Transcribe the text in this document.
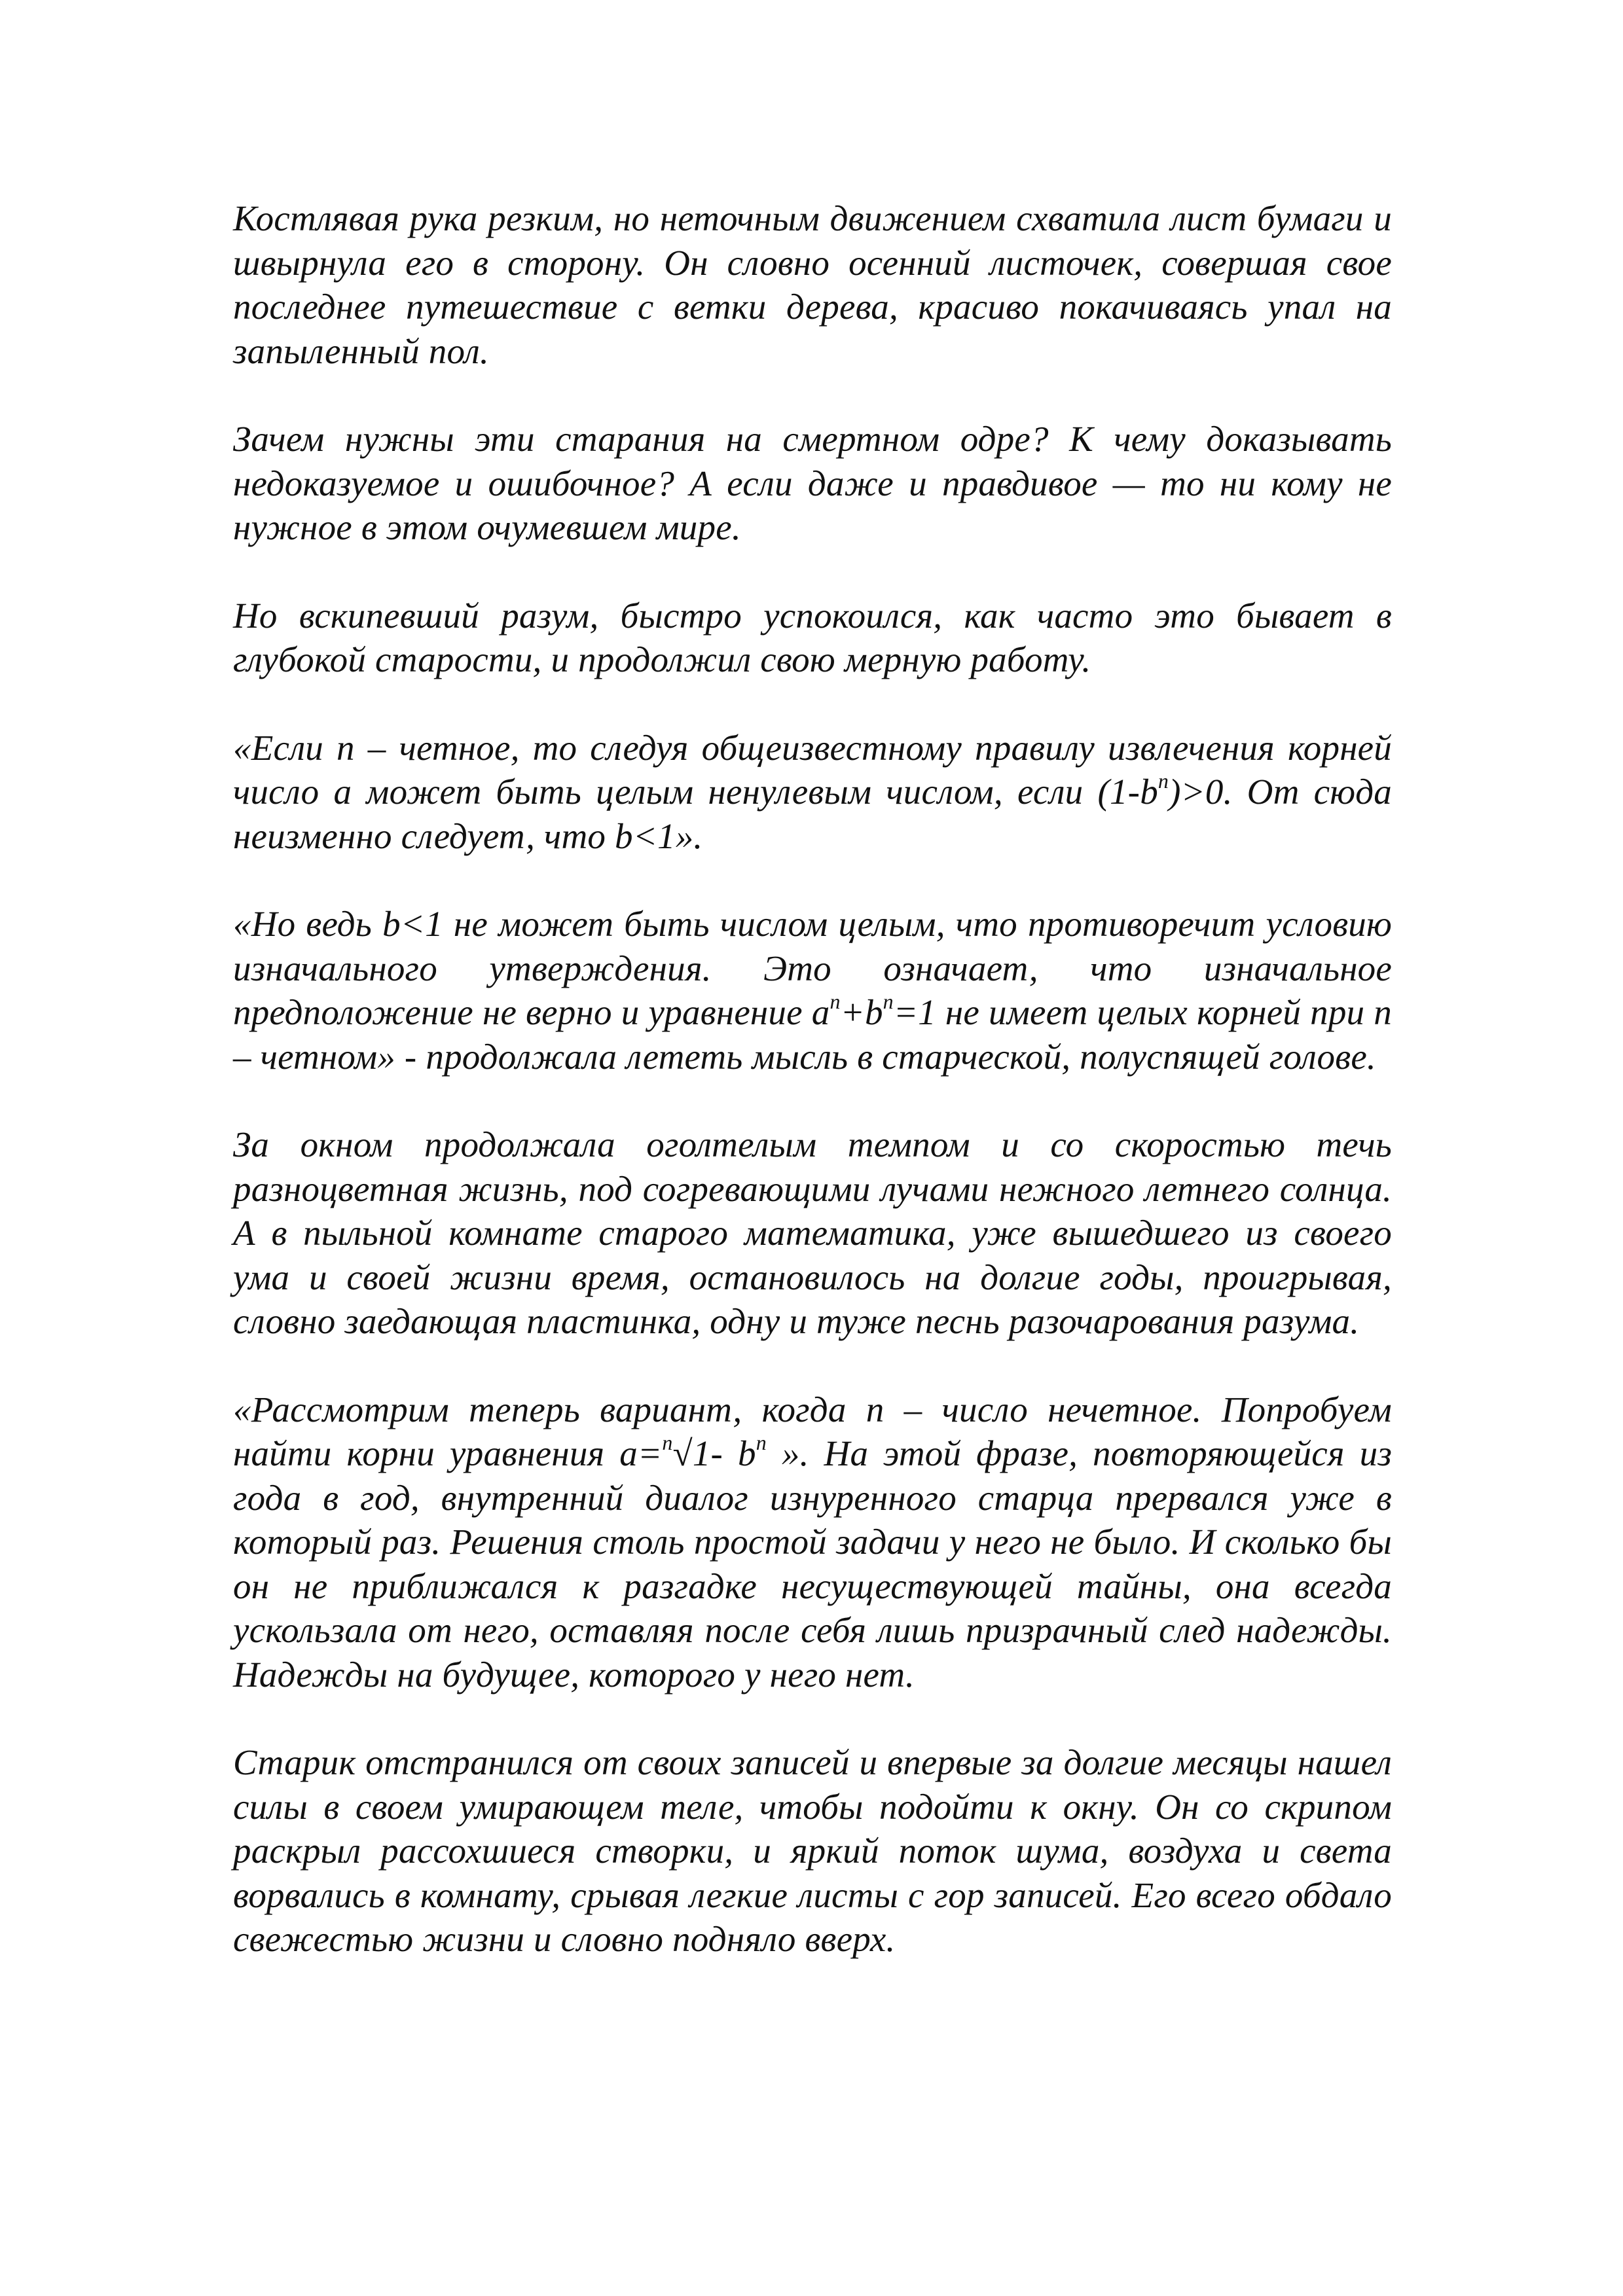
Костлявая рука резким, но неточным движением схватила лист бумаги и швырнула его в сторону. Он словно осенний листочек, совершая свое последнее путешествие с ветки дерева, красиво покачиваясь упал на запыленный пол.

Зачем нужны эти старания на смертном одре? К чему доказывать недоказуемое и ошибочное? А если даже и правдивое — то ни кому не нужное в этом очумевшем мире.

Но вскипевший разум, быстро успокоился, как часто это бывает в глубокой старости, и продолжил свою мерную работу.

«Если n – четное, то следуя общеизвестному правилу извлечения корней число a может быть целым ненулевым числом, если $(1-b^n)>0$. От сюда неизменно следует, что b<1».

«Но ведь b<1 не может быть числом целым, что противоречит условию изначального утверждения. Это означает, что изначальное предположение не верно и уравнение $a^n+b^n=1$ не имеет целых корней при n – четном» - продолжала лететь мысль в старческой, полуспящей голове.

За окном продолжала оголтелым темпом и со скоростью течь разноцветная жизнь, под согревающими лучами нежного летнего солнца. А в пыльной комнате старого математика, уже вышедшего из своего ума и своей жизни время, остановилось на долгие годы, проигрывая, словно заедающая пластинка, одну и туже песнь разочарования разума.

«Рассмотрим теперь вариант, когда n – число нечетное. Попробуем найти корни уравнения a=$^n$√1- $b^n$ ». На этой фразе, повторяющейся из года в год, внутренний диалог изнуренного старца прервался уже в который раз. Решения столь простой задачи у него не было. И сколько бы он не приближался к разгадке несуществующей тайны, она всегда ускользала от него, оставляя после себя лишь призрачный след надежды. Надежды на будущее, которого у него нет.

Старик отстранился от своих записей и впервые за долгие месяцы нашел силы в своем умирающем теле, чтобы подойти к окну. Он со скрипом раскрыл рассохшиеся створки, и яркий поток шума, воздуха и света ворвались в комнату, срывая легкие листы с гор записей. Его всего обдало свежестью жизни и словно подняло вверх.
